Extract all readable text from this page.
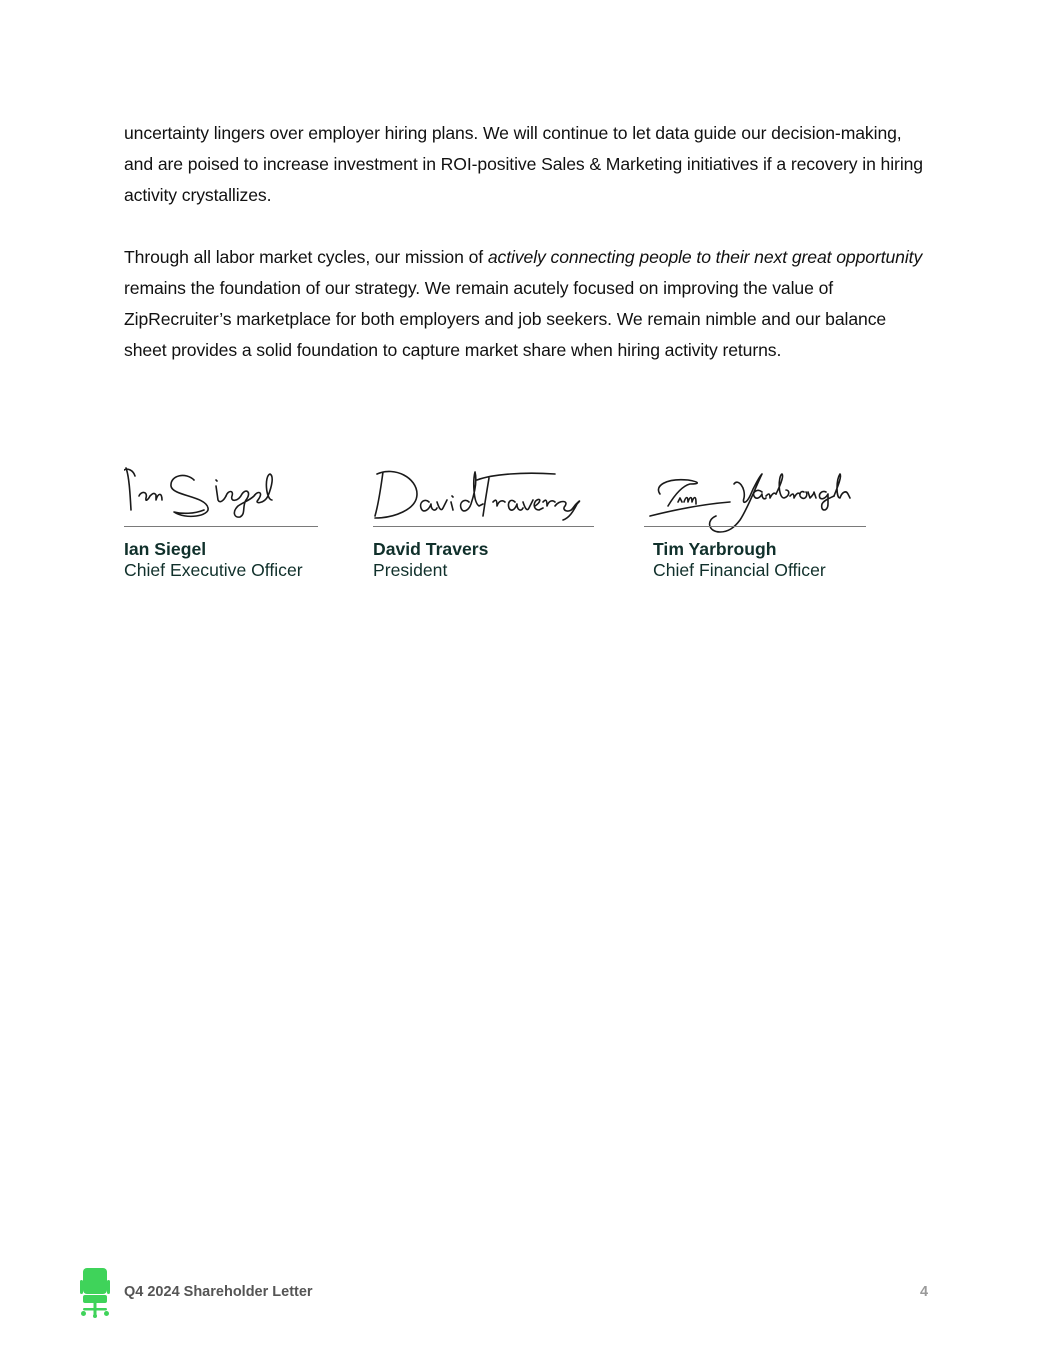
uncertainty lingers over employer hiring plans. We will continue to let data guide our decision-making, and are poised to increase investment in ROI-positive Sales & Marketing initiatives if a recovery in hiring activity crystallizes.

Through all labor market cycles, our mission of actively connecting people to their next great opportunity remains the foundation of our strategy. We remain acutely focused on improving the value of ZipRecruiter’s marketplace for both employers and job seekers. We remain nimble and our balance sheet provides a solid foundation to capture market share when hiring activity returns.

Ian Siegel
Chief Executive Officer
David Travers
President
Tim Yarbrough
Chief Financial Officer
Q4 2024 Shareholder Letter	4
